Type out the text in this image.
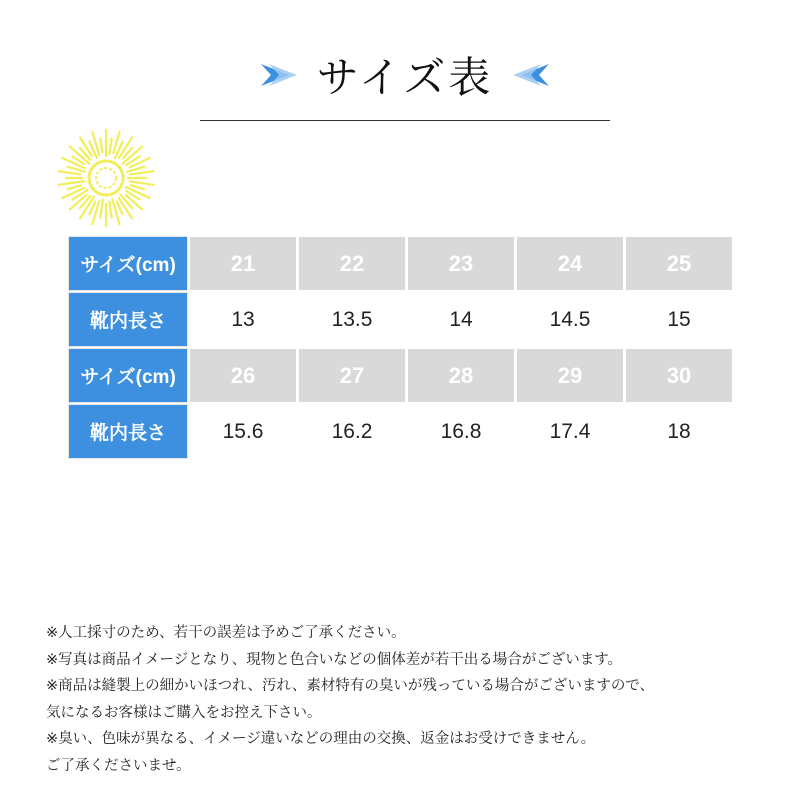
サイズ表
サイズ(cm)	21	22	23	24	25
靴内長さ	13	13.5	14	14.5	15
サイズ(cm)	26	27	28	29	30
靴内長さ	15.6	16.2	16.8	17.4	18
※人工採寸のため、若干の誤差は予めご了承ください。
※写真は商品イメージとなり、現物と色合いなどの個体差が若干出る場合がございます。
※商品は縫製上の細かいほつれ、汚れ、素材特有の臭いが残っている場合がございますので、
気になるお客様はご購入をお控え下さい。
※臭い、色味が異なる、イメージ違いなどの理由の交換、返金はお受けできません。
ご了承くださいませ。
